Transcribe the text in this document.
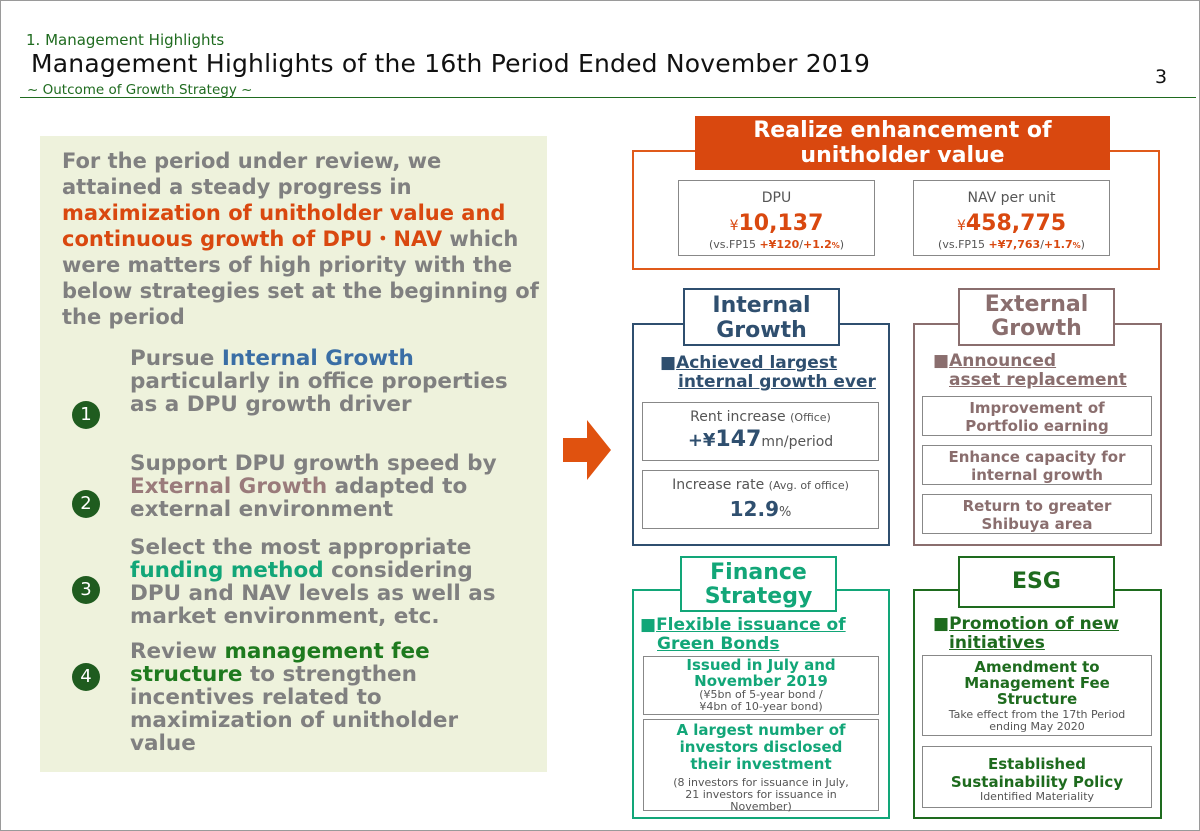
1. Management Highlights
Management Highlights of the 16th Period Ended November 2019
~ Outcome of Growth Strategy ~
3
For the period under review, we attained a steady progress in maximization of unitholder value and continuous growth of DPU・NAV which were matters of high priority with the below strategies set at the beginning of the period
1
Pursue Internal Growth particularly in office properties as a DPU growth driver
2
Support DPU growth speed by External Growth adapted to external environment
3
Select the most appropriate funding method considering DPU and NAV levels as well as market environment, etc.
4
Review management fee structure to strengthen incentives related to maximization of unitholder value
Realize enhancement of
unitholder value
DPU
¥10,137
(vs.FP15 +¥120/+1.2%)
NAV per unit
¥458,775
(vs.FP15 +¥7,763/+1.7%)
Internal
Growth
■Achieved largest
internal growth ever
Rent increase (Office)
+¥147mn/period
Increase rate (Avg. of office)
12.9%
External
Growth
■Announced
asset replacement
Improvement of
Portfolio earning
Enhance capacity for
internal growth
Return to greater
Shibuya area
Finance
Strategy
■Flexible issuance of
Green Bonds
Issued in July and
November 2019
(¥5bn of 5-year bond /
¥4bn of 10-year bond)
A largest number of
investors disclosed
their investment
(8 investors for issuance in July,
21 investors for issuance in
November)
ESG
■Promotion of new
initiatives
Amendment to
Management Fee
Structure
Take effect from the 17th Period
ending May 2020
Established
Sustainability Policy
Identified Materiality
